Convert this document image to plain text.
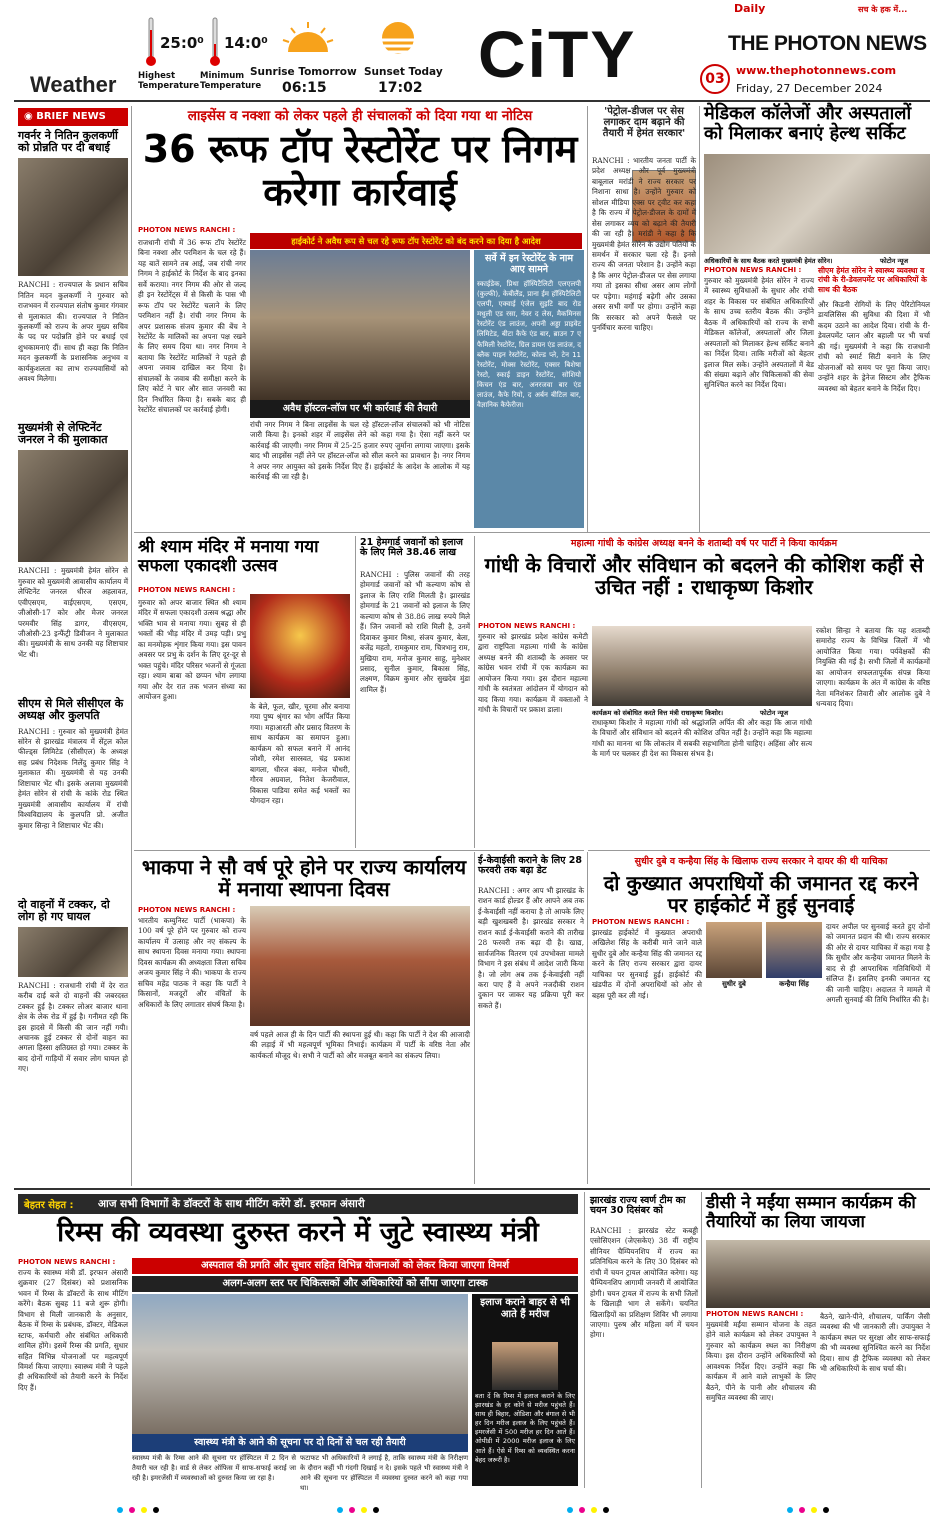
Weather
25:0⁰
Highest Temperature
14:0⁰
Minimum Temperature
Sunrise Tomorrow
06:15
Sunset Today
17:02 CiTY
Daily	सच के हक में...
THE PHOTON NEWS
03
www.thephotonnews.com
Friday, 27 December 2024
◉ BRIEF NEWS
गवर्नर ने नितिन कुलकर्णी को प्रोन्नति पर दी बधाई
RANCHI : राज्यपाल के प्रधान सचिव नितिन मदन कुलकर्णी ने गुरुवार को राजभवन में राज्यपाल संतोष कुमार गंगवार से मुलाकात की। राज्यपाल ने नितिन कुलकर्णी को राज्य के अपर मुख्य सचिव के पद पर पदोन्नति होने पर बधाई एवं शुभकामनाएं दीं। साथ ही कहा कि नितिन मदन कुलकर्णी के प्रशासनिक अनुभव व कार्यकुशलता का लाभ राज्यवासियों को अवश्य मिलेगा।
मुख्यमंत्री से लेफ्टिनेंट जनरल ने की मुलाकात
RANCHI : मुख्यमंत्री हेमंत सोरेन से गुरुवार को मुख्यमंत्री आवासीय कार्यालय में लेफ्टिनेंट जनरल धीरज अहलावत, एवीएसएम, वाईएसएम, एसएम, जीओसी-17 कोर और मेजर जनरल परमवीर सिंह डागर, वीएसएम, जीओसी-23 इन्फैंट्री डिवीजन ने मुलाकात की। मुख्यमंत्री के साथ उनकी यह शिष्टाचार भेंट थी।
सीएम से मिले सीसीएल के अध्यक्ष और कुलपति
RANCHI : गुरुवार को मुख्यमंत्री हेमंत सोरेन से झारखंड मंत्रालय में सेंट्रल कोल फील्ड्स लिमिटेड (सीसीएल) के अध्यक्ष सह प्रबंध निदेशक निलेंदु कुमार सिंह ने मुलाकात की। मुख्यमंत्री से यह उनकी शिष्टाचार भेंट थी। इसके अलावा मुख्यमंत्री हेमंत सोरेन से रांची के कांके रोड स्थित मुख्यमंत्री आवासीय कार्यालय में रांची विश्वविद्यालय के कुलपति प्रो. अजीत कुमार सिन्हा ने शिष्टाचार भेंट की।
दो वाहनों में टक्कर, दो लोग हो गए घायल
RANCHI : राजधानी रांची में देर रात करीब दाई बजे दो वाहनों की जबरदस्त टक्कर हुई है। टक्कर लोअर बाजार थाना क्षेत्र के लेक रोड में हुई है। गनीमत रही कि इस हादसे में किसी की जान नहीं गयी। अचानक हुई टक्कर से दोनों वाहन का अगला हिस्सा क्षतिग्रस्त हो गया। टक्कर के बाद दोनों गाड़ियों में सवार लोग घायल हो गए।
लाइसेंस व नक्शा को लेकर पहले ही संचालकों को दिया गया था नोटिस
36 रूफ टॉप रेस्टोरेंट पर निगम करेगा कार्रवाई
PHOTON NEWS RANCHI :
राजधानी रांची में 36 रूफ टॉप रेस्टोरेंट बिना नक्शा और परमिशन के चल रहे हैं। यह बातें सामने तब आईं, जब रांची नगर निगम ने हाईकोर्ट के निर्देश के बाद इनका सर्वे कराया। नगर निगम की ओर से जल्द ही इन रेस्टोरेंट्स में से किसी के पास भी रूफ टॉप पर रेस्टोरेंट चलाने के लिए परमिशन नहीं है। रांची नगर निगम के अपर प्रशासक संजय कुमार की बेंच ने रेस्टोरेंट के मालिकों का अपना पक्ष रखने के लिए समय दिया था। नगर निगम ने बताया कि रेस्टोरेंट मालिकों ने पहले ही अपना जवाब दाखिल कर दिया है। संचालकों के जवाब की समीक्षा करने के लिए कोर्ट ने चार और सात जनवरी का दिन निर्धारित किया है। सबके बाद ही रेस्टोरेंट संचालकों पर कार्रवाई होगी।
हाईकोर्ट ने अवैध रूप से चल रहे रूफ टॉप रेस्टोरेंट को बंद करने का दिया है आदेश
अवैध हॉस्टल-लॉज पर भी कार्रवाई की तैयारी
रांची नगर निगम ने बिना लाइसेंस के चल रहे हॉस्टल-लॉज संचालकों को भी नोटिस जारी किया है। इनको शहर में लाइसेंस लेने को कहा गया है। ऐसा नहीं करने पर कार्रवाई की जाएगी। नगर निगम में 25-25 हजार रुपए जुर्माना लगाया जाएगा। इसके बाद भी लाइसेंस नहीं लेने पर हॉस्टल-लॉज को सील करने का प्रावधान है। नगर निगम ने अपर नगर आयुक्त को इसके निर्देश दिए हैं। हाईकोर्ट के आदेश के आलोक में यह कार्रवाई की जा रही है।
सर्वे में इन रेस्टोरेंट के नाम आए सामने
स्काईडेक, प्रिथा हॉस्पिटैलिटी एलएलपी (कुल्फी), केबीलैंड, प्राना ईम हॉस्पिटैलिटी एलपी, एक्वाई एंजेल सुइटि बाद रोड मधुली एड रसा, नेवर द लेस, मैकमिनस रेस्टोरेंट एंड लाउंज, अपनी अड्डा प्राइवेट लिमिटेड, बीटा कैफे एंड बार, ब्राउन 7 ए फैमिली रेस्टोरेंट, ग्रिल डायन एंड लाउंज, द ब्लैक पाइन रेस्टोरेंट, कोल्ड प्ले, टेन 11 रेस्टोरेंट, मोक्स रेस्टोरेंट, एक्सर बिशेषा रेस्टो, स्काई डाइन रेस्टोरेंट, सोशियो किचन एंड बार, अनरजवा बार एंड लाउंज, कैफे रियो, द अर्बन बीटिल बार, वैज्ञानिक कैफेरीज।
'पेट्रोल-डीजल पर सेस लगाकर दाम बढ़ाने की तैयारी में हेमंत सरकार'
RANCHI : भारतीय जनता पार्टी के प्रदेश अध्यक्ष और पूर्व मुख्यमंत्री बाबूलाल मरांडी ने राज्य सरकार पर निशाना साधा है। उन्होंने गुरुवार को सोशल मीडिया एक्स पर ट्वीट कर कहा है कि राज्य में पेट्रोल-डीजल के दामों में सेस लगाकर व्यय को बढ़ाने की तैयारी की जा रही है। मरांडी ने कहा है कि मुख्यमंत्री हेमंत सोरेन के उद्योग पतियों के समर्थन में सरकार चला रहे हैं। इनसे राज्य की जनता परेशान है। उन्होंने कहा है कि अगर पेट्रोल-डीजल पर सेस लगाया गया तो इसका सीधा असर आम लोगों पर पड़ेगा। महंगाई बढ़ेगी और उसका असर सभी वर्गों पर होगा। उन्होंने कहा कि सरकार को अपने फैसले पर पुनर्विचार करना चाहिए।
मेडिकल कॉलेजों और अस्पतालों को मिलाकर बनाएं हेल्थ सर्किट
अधिकारियों के साथ बैठक करते मुख्यमंत्री हेमंत सोरेन।	फोटोन न्यूज
PHOTON NEWS RANCHI :
गुरुवार को मुख्यमंत्री हेमंत सोरेन ने राज्य में स्वास्थ्य सुविधाओं के सुधार और रांची शहर के विकास पर संबंधित अधिकारियों के साथ उच्च स्तरीय बैठक की। उन्होंने बैठक में अधिकारियों को राज्य के सभी मेडिकल कॉलेजों, अस्पतालों और जिला अस्पतालों को मिलाकर हेल्थ सर्किट बनाने का निर्देश दिया। ताकि मरीजों को बेहतर इलाज मिल सके। उन्होंने अस्पतालों में बेड की संख्या बढ़ाने और चिकित्सकों की सेवा सुनिश्चित करने का निर्देश दिया।
सीएम हेमंत सोरेन ने स्वास्थ्य व्यवस्था व रांची के री-डेवलपमेंट पर अधिकारियों के साथ की बैठक
और किडनी रोगियों के लिए पेरिटोनियल डायलिसिस की सुविधा की दिशा में भी कदम उठाने का आदेश दिया। रांची के री-डेवलपमेंट प्लान और बहाली पर भी चर्चा की गई। मुख्यमंत्री ने कहा कि राजधानी रांची को स्मार्ट सिटी बनाने के लिए योजनाओं को समय पर पूरा किया जाए। उन्होंने शहर के ड्रेनेज सिस्टम और ट्रैफिक व्यवस्था को बेहतर बनाने के निर्देश दिए।
श्री श्याम मंदिर में मनाया गया सफला एकादशी उत्सव
PHOTON NEWS RANCHI :
गुरुवार को अपर बाजार स्थित श्री श्याम मंदिर में सफला एकादशी उत्सव श्रद्धा और भक्ति भाव से मनाया गया। सुबह से ही भक्तों की भीड़ मंदिर में उमड़ पड़ी। प्रभु का मनमोहक शृंगार किया गया। इस पावन अवसर पर प्रभु के दर्शन के लिए दूर-दूर से भक्त पहुंचे। मंदिर परिसर भजनों से गूंजता रहा। श्याम बाबा को छप्पन भोग लगाया गया और देर रात तक भजन संध्या का आयोजन हुआ।
के बेले, फूल, खीर, चूरमा और बनाया गया पुष्प श्रृंगार का भोग अर्पित किया गया। महाआरती और प्रसाद वितरण के साथ कार्यक्रम का समापन हुआ। कार्यक्रम को सफल बनाने में आनंद जोशी, रमेश सारस्वत, चंद्र प्रकाश बागला, धीरज बंका, मनोज चौधरी, गौरव अग्रवाल, नितेश केजरीवाल, विकास पाडिया समेत कई भक्तों का योगदान रहा।
21 हेमगार्ड जवानों को इलाज के लिए मिले 38.46 लाख
RANCHI : पुलिस जवानों की तरह होमगार्ड जवानों को भी कल्याण कोष से इलाज के लिए राशि मिलती है। झारखंड होमगार्ड के 21 जवानों को इलाज के लिए कल्याण कोष से 38.86 लाख रुपये मिले हैं। जिन जवानों को राशि मिली है, उनमें दिवाकर कुमार मिश्रा, संजय कुमार, बेला, बजेंद्र महतो, रामकुमार राम, चित्रभानु राम, मुखिया राम, मनोज कुमार साहू, मुनेश्वर प्रसाद, सुनील कुमार, बिकास सिंह, लक्ष्मण, विक्रम कुमार और सुखदेव मुंडा शामिल हैं।
महात्मा गांधी के कांग्रेस अध्यक्ष बनने के शताब्दी वर्ष पर पार्टी ने किया कार्यक्रम
गांधी के विचारों और संविधान को बदलने की कोशिश कहीं से उचित नहीं : राधाकृष्ण किशोर
PHOTON NEWS RANCHI :
गुरुवार को झारखंड प्रदेश कांग्रेस कमेटी द्वारा राष्ट्रपिता महात्मा गांधी के कांग्रेस अध्यक्ष बनने की शताब्दी के अवसर पर कांग्रेस भवन रांची में एक कार्यक्रम का आयोजन किया गया। इस दौरान महात्मा गांधी के स्वतंत्रता आंदोलन में योगदान को याद किया गया। कार्यक्रम में वक्ताओं ने गांधी के विचारों पर प्रकाश डाला।	कार्यक्रम को संबोधित करते वित्त मंत्री राधाकृष्ण किशोर।	फोटोन न्यूज
राधाकृष्ण किशोर ने महात्मा गांधी को श्रद्धांजलि अर्पित की और कहा कि आज गांधी के विचारों और संविधान को बदलने की कोशिश उचित नहीं है। उन्होंने कहा कि महात्मा गांधी का मानना था कि लोकतंत्र में सबकी सहभागिता होनी चाहिए। अहिंसा और सत्य के मार्ग पर चलकर ही देश का विकास संभव है।
रकोश सिन्हा ने बताया कि यह शताब्दी समारोह राज्य के विभिन्न जिलों में भी आयोजित किया गया। पर्यवेक्षकों की नियुक्ति की गई है। सभी जिलों में कार्यक्रमों का आयोजन सफलतापूर्वक संपन्न किया जाएगा। कार्यक्रम के अंत में कांग्रेस के वरिष्ठ नेता मनिशंकर तिवारी और आलोक दुबे ने धन्यवाद दिया।
भाकपा ने सौ वर्ष पूरे होने पर राज्य कार्यालय में मनाया स्थापना दिवस
PHOTON NEWS RANCHI :
भारतीय कम्युनिस्ट पार्टी (भाकपा) के 100 वर्ष पूरे होने पर गुरुवार को राज्य कार्यालय में उत्साह और नए संकल्प के साथ स्थापना दिवस मनाया गया। स्थापना दिवस कार्यक्रम की अध्यक्षता जिला सचिव अजय कुमार सिंह ने की। भाकपा के राज्य सचिव महेंद्र पाठक ने कहा कि पार्टी ने किसानों, मजदूरों और वंचितों के अधिकारों के लिए लगातार संघर्ष किया है।
वर्ष पहले आज ही के दिन पार्टी की स्थापना हुई थी। कहा कि पार्टी ने देश की आजादी की लड़ाई में भी महत्वपूर्ण भूमिका निभाई। कार्यक्रम में पार्टी के वरिष्ठ नेता और कार्यकर्ता मौजूद थे। सभी ने पार्टी को और मजबूत बनाने का संकल्प लिया।
ई-केवाईसी कराने के लिए 28 फरवरी तक बढ़ा डेट
RANCHI : अगर आप भी झारखंड के राशन कार्ड होल्डर हैं और आपने अब तक ई-केवाईसी नहीं कराया है तो आपके लिए बड़ी खुशखबरी है। झारखंड सरकार ने राशन कार्ड ई-केवाईसी कराने की तारीख 28 फरवरी तक बढ़ा दी है। खाद्य, सार्वजनिक वितरण एवं उपभोक्ता मामले विभाग ने इस संबंध में आदेश जारी किया है। जो लोग अब तक ई-केवाईसी नहीं करा पाए हैं वे अपने नजदीकी राशन दुकान पर जाकर यह प्रक्रिया पूरी कर सकते हैं।
सुधीर दुबे व कन्हैया सिंह के खिलाफ राज्य सरकार ने दायर की थी याचिका
दो कुख्यात अपराधियों की जमानत रद्द करने पर हाईकोर्ट में हुई सुनवाई
PHOTON NEWS RANCHI :
झारखंड हाईकोर्ट में कुख्यात अपराधी अखिलेश सिंह के करीबी माने जाने वाले सुधीर दुबे और कन्हैया सिंह की जमानत रद्द करने के लिए राज्य सरकार द्वारा दायर याचिका पर सुनवाई हुई। हाईकोर्ट की खंडपीठ में दोनों अपराधियों को ओर से बहस पूरी कर ली गई।
सुधीर दुबे	कन्हैया सिंह
दायर अपील पर सुनवाई करते हुए दोनों को जमानत प्रदान की थी। राज्य सरकार की ओर से दायर याचिका में कहा गया है कि सुधीर और कन्हैया जमानत मिलने के बाद से ही आपराधिक गतिविधियों में संलिप्त हैं। इसलिए इनकी जमानत रद्द की जानी चाहिए। अदालत ने मामले में अगली सुनवाई की तिथि निर्धारित की है।
बेहतर सेहत : आज सभी विभागों के डॉक्टरों के साथ मीटिंग करेंगे डॉ. इरफान अंसारी
रिम्स की व्यवस्था दुरुस्त करने में जुटे स्वास्थ्य मंत्री
PHOTON NEWS RANCHI :
राज्य के स्वास्थ्य मंत्री डॉ. इरफान अंसारी शुक्रवार (27 दिसंबर) को प्रशासनिक भवन में रिम्स के डॉक्टरों के साथ मीटिंग करेंगे। बैठक सुबह 11 बजे शुरू होगी। विभाग से मिली जानकारी के अनुसार, बैठक में रिम्स के प्रबंधक, डॉक्टर, मेडिकल स्टाफ, कर्मचारी और संबंधित अधिकारी शामिल होंगे। इसमें रिम्स की प्रगति, सुधार सहित विभिन्न योजनाओं पर महत्वपूर्ण विमर्श किया जाएगा। स्वास्थ्य मंत्री ने पहले ही अधिकारियों को तैयारी करने के निर्देश दिए हैं।
अस्पताल की प्रगति और सुधार सहित विभिन्न योजनाओं को लेकर किया जाएगा विमर्श
अलग-अलग स्तर पर चिकित्सकों और अधिकारियों को सौंपा जाएगा टास्क
स्वास्थ्य मंत्री के आने की सूचना पर दो दिनों से चल रही तैयारी
स्वास्थ्य मंत्री के रिम्स आने की सूचना पर हॉस्पिटल में 2 दिन से तैयारी चल रही है। वार्ड से लेकर ऑफिस में साफ-सफाई कराई जा रही है। इमरजेंसी में व्यवस्थाओं को दुरुस्त किया जा रहा है।
फटाफट भी अधिकारियों ने लगाई है, ताकि स्वास्थ्य मंत्री के निरीक्षण के दौरान कहीं भी गंदगी दिखाई न दे। इसके पहले भी स्वास्थ्य मंत्री ने आने की सूचना पर हॉस्पिटल में व्यवस्था दुरुस्त करने को कहा गया था।
इलाज कराने बाहर से भी आते हैं मरीज
बता दें कि रिम्स में इलाज कराने के लिए झारखंड के हर कोने से मरीज पहुंचते हैं। साथ ही बिहार, ओडिशा और बंगाल से भी हर दिन मरीज इलाज के लिए पहुंचते हैं। इमरजेंसी में 500 मरीज हर दिन आते हैं। ओपीडी में 2000 मरीज इलाज के लिए आते हैं। ऐसे में रिम्स को व्यवस्थित करना बेहद जरूरी है।
झारखंड राज्य स्वर्ण टीम का चयन 30 दिसंबर को
RANCHI : झारखंड स्टेट कबड्डी एसोसिएशन (जेएसकेए) 38 वीं राष्ट्रीय सीनियर चैम्पियनशिप में राज्य का प्रतिनिधित्व करने के लिए 30 दिसंबर को रांची में चयन ट्रायल आयोजित करेगा। यह चैम्पियनशिप आगामी जनवरी में आयोजित होगी। चयन ट्रायल में राज्य के सभी जिलों के खिलाड़ी भाग ले सकेंगे। चयनित खिलाड़ियों का प्रशिक्षण शिविर भी लगाया जाएगा। पुरुष और महिला वर्ग में चयन होगा।
डीसी ने मईंया सम्मान कार्यक्रम की तैयारियों का लिया जायजा
PHOTON NEWS RANCHI :
मुख्यमंत्री मईंया सम्मान योजना के तहत होने वाले कार्यक्रम को लेकर उपायुक्त ने गुरुवार को कार्यक्रम स्थल का निरीक्षण किया। इस दौरान उन्होंने अधिकारियों को आवश्यक निर्देश दिए। उन्होंने कहा कि कार्यक्रम में आने वाले लाभुकों के लिए बैठने, पीने के पानी और शौचालय की समुचित व्यवस्था की जाए।
बैठने, खाने-पीने, शौचालय, पार्किंग जैसी व्यवस्था की भी जानकारी ली। उपायुक्त ने कार्यक्रम स्थल पर सुरक्षा और साफ-सफाई की भी व्यवस्था सुनिश्चित करने का निर्देश दिया। साथ ही ट्रैफिक व्यवस्था को लेकर भी अधिकारियों के साथ चर्चा की।
